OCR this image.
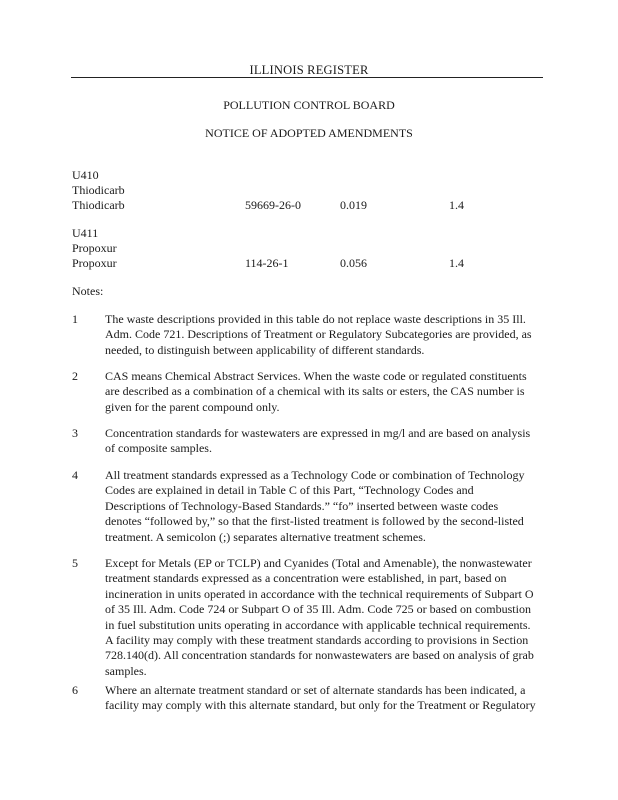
ILLINOIS REGISTER
POLLUTION CONTROL BOARD
NOTICE OF ADOPTED AMENDMENTS
U410
Thiodicarb
Thiodicarb	59669-26-0	0.019	1.4
U411
Propoxur
Propoxur	114-26-1	0.056	1.4
Notes:
1 The waste descriptions provided in this table do not replace waste descriptions in 35 Ill.
Adm. Code 721. Descriptions of Treatment or Regulatory Subcategories are provided, as
needed, to distinguish between applicability of different standards.
2 CAS means Chemical Abstract Services. When the waste code or regulated constituents
are described as a combination of a chemical with its salts or esters, the CAS number is
given for the parent compound only.
3 Concentration standards for wastewaters are expressed in mg/l and are based on analysis
of composite samples.
4 All treatment standards expressed as a Technology Code or combination of Technology
Codes are explained in detail in Table C of this Part, “Technology Codes and
Descriptions of Technology-Based Standards.” “fo” inserted between waste codes
denotes “followed by,” so that the first-listed treatment is followed by the second-listed
treatment. A semicolon (;) separates alternative treatment schemes.
5 Except for Metals (EP or TCLP) and Cyanides (Total and Amenable), the nonwastewater
treatment standards expressed as a concentration were established, in part, based on
incineration in units operated in accordance with the technical requirements of Subpart O
of 35 Ill. Adm. Code 724 or Subpart O of 35 Ill. Adm. Code 725 or based on combustion
in fuel substitution units operating in accordance with applicable technical requirements.
A facility may comply with these treatment standards according to provisions in Section
728.140(d). All concentration standards for nonwastewaters are based on analysis of grab
samples.
6 Where an alternate treatment standard or set of alternate standards has been indicated, a
facility may comply with this alternate standard, but only for the Treatment or Regulatory
